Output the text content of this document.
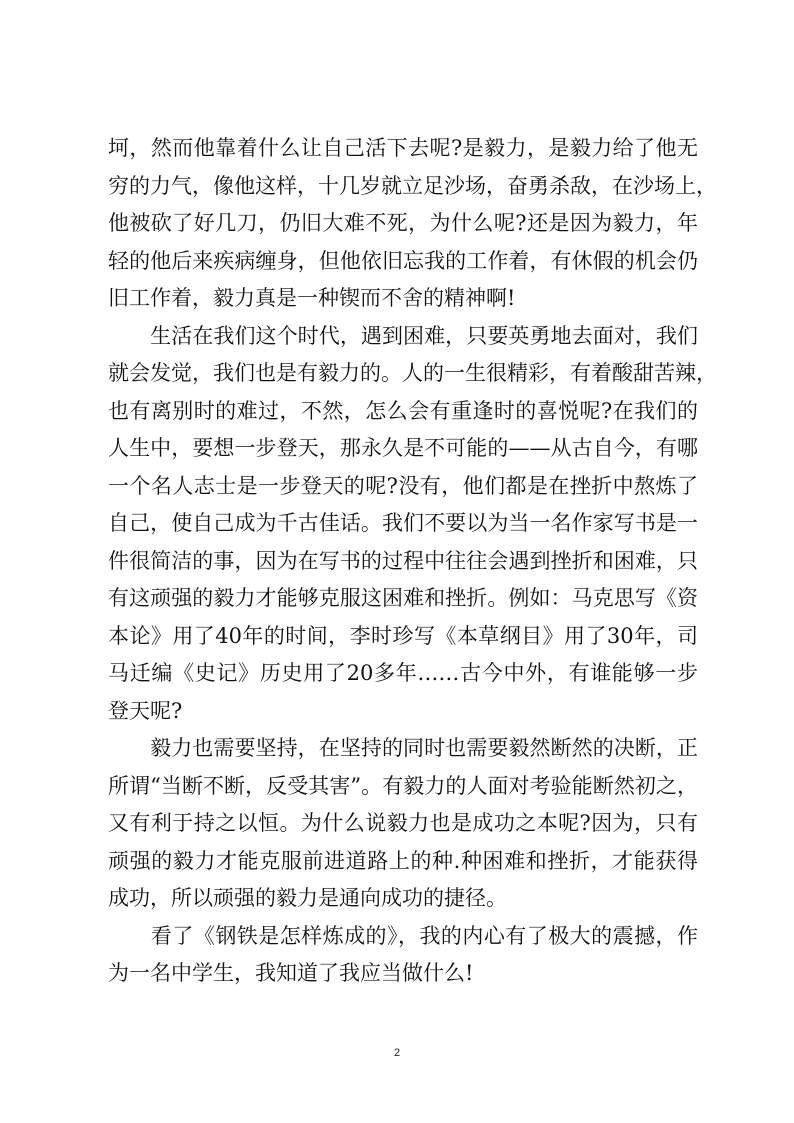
坷，然而他靠着什么让自己活下去呢?是毅力，是毅力给了他无
穷的力气，像他这样，十几岁就立足沙场，奋勇杀敌，在沙场上，
他被砍了好几刀，仍旧大难不死，为什么呢?还是因为毅力，年
轻的他后来疾病缠身，但他依旧忘我的工作着，有休假的机会仍
旧工作着，毅力真是一种锲而不舍的精神啊!
　　生活在我们这个时代，遇到困难，只要英勇地去面对，我们
就会发觉，我们也是有毅力的。人的一生很精彩，有着酸甜苦辣，
也有离别时的难过，不然，怎么会有重逢时的喜悦呢?在我们的
人生中，要想一步登天，那永久是不可能的——从古自今，有哪
一个名人志士是一步登天的呢?没有，他们都是在挫折中熬炼了
自己，使自己成为千古佳话。我们不要以为当一名作家写书是一
件很简洁的事，因为在写书的过程中往往会遇到挫折和困难，只
有这顽强的毅力才能够克服这困难和挫折。例如：马克思写《资
本论》用了40年的时间，李时珍写《本草纲目》用了30年，司
马迁编《史记》历史用了20多年……古今中外，有谁能够一步
登天呢?
　　毅力也需要坚持，在坚持的同时也需要毅然断然的决断，正
所谓“当断不断，反受其害”。有毅力的人面对考验能断然初之，
又有利于持之以恒。为什么说毅力也是成功之本呢?因为，只有
顽强的毅力才能克服前进道路上的种.种困难和挫折，才能获得
成功，所以顽强的毅力是通向成功的捷径。
　　看了《钢铁是怎样炼成的》，我的内心有了极大的震撼，作
为一名中学生，我知道了我应当做什么!
2
